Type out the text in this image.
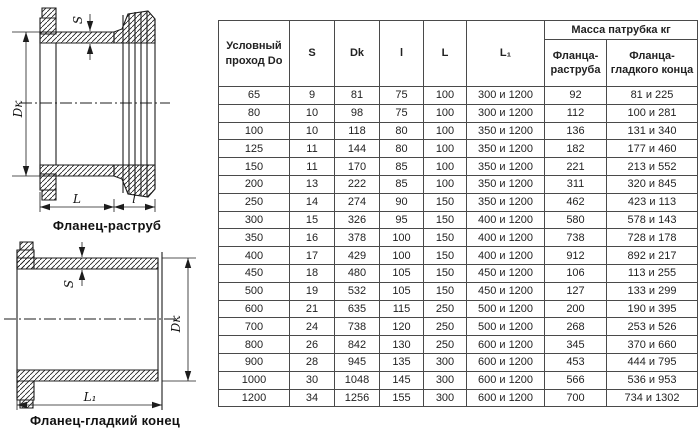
Dк
S
L	l
Фланец-раструб
Dк
S
L₁
Фланец-гладкий конец
Условный проход Do	S	Dk	l	L	L₁	Масса патрубка кг	
						Фланца-раструба	Фланца-гладкого конца
65	9	81	75	100	300 и 1200	92	81 и 225
80	10	98	75	100	300 и 1200	112	100 и 281
100	10	118	80	100	350 и 1200	136	131 и 340
125	11	144	80	100	350 и 1200	182	177 и 460
150	11	170	85	100	350 и 1200	221	213 и 552
200	13	222	85	100	350 и 1200	311	320 и 845
250	14	274	90	150	350 и 1200	462	423 и 113
300	15	326	95	150	400 и 1200	580	578 и 143
350	16	378	100	150	400 и 1200	738	728 и 178
400	17	429	100	150	400 и 1200	912	892 и 217
450	18	480	105	150	450 и 1200	106	113 и 255
500	19	532	105	150	450 и 1200	127	133 и 299
600	21	635	115	250	500 и 1200	200	190 и 395
700	24	738	120	250	500 и 1200	268	253 и 526
800	26	842	130	250	600 и 1200	345	370 и 660
900	28	945	135	300	600 и 1200	453	444 и 795
1000	30	1048	145	300	600 и 1200	566	536 и 953
1200	34	1256	155	300	600 и 1200	700	734 и 1302
